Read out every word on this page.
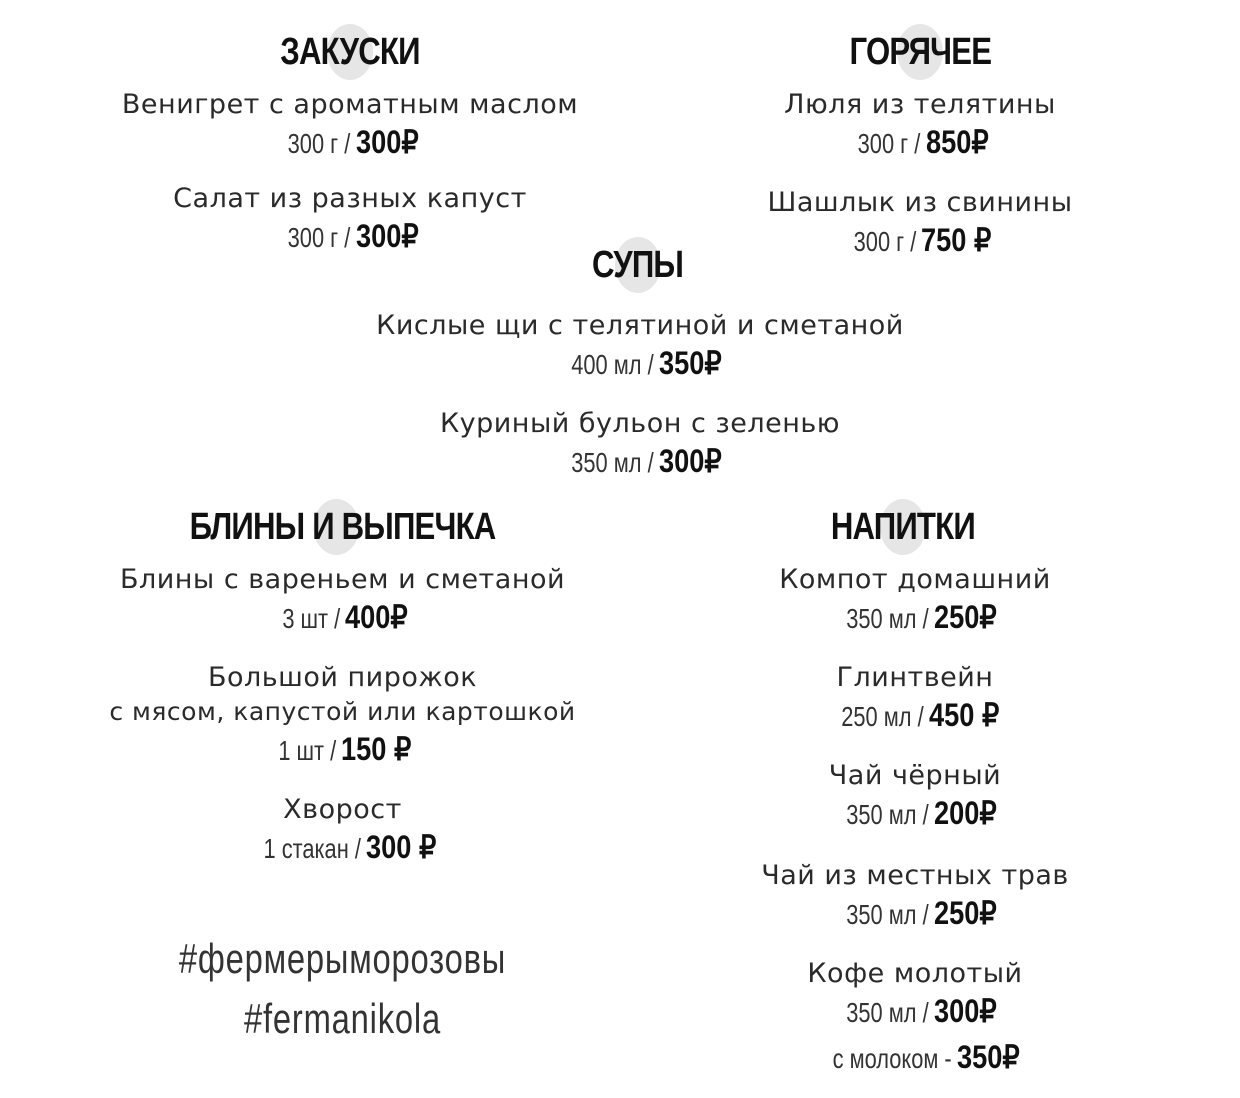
ЗАКУСКИ
Венигрет с ароматным маслом
300 г / 300₽
Салат из разных капуст
300 г / 300₽
ГОРЯЧЕЕ
Люля из телятины
300 г / 850₽
Шашлык из свинины
300 г / 750 ₽
СУПЫ
Кислые щи с телятиной и сметаной
400 мл / 350₽
Куриный бульон с зеленью
350 мл / 300₽
БЛИНЫ И ВЫПЕЧКА
Блины с вареньем и сметаной
3 шт / 400₽
Большой пирожок
с мясом, капустой или картошкой
1 шт / 150 ₽
Хворост
1 стакан / 300 ₽
#фермерыморозовы
#fermanikola
НАПИТКИ
Компот домашний
350 мл / 250₽
Глинтвейн
250 мл / 450 ₽
Чай чёрный
350 мл / 200₽
Чай из местных трав
350 мл / 250₽
Кофе молотый
350 мл / 300₽
с молоком - 350₽
